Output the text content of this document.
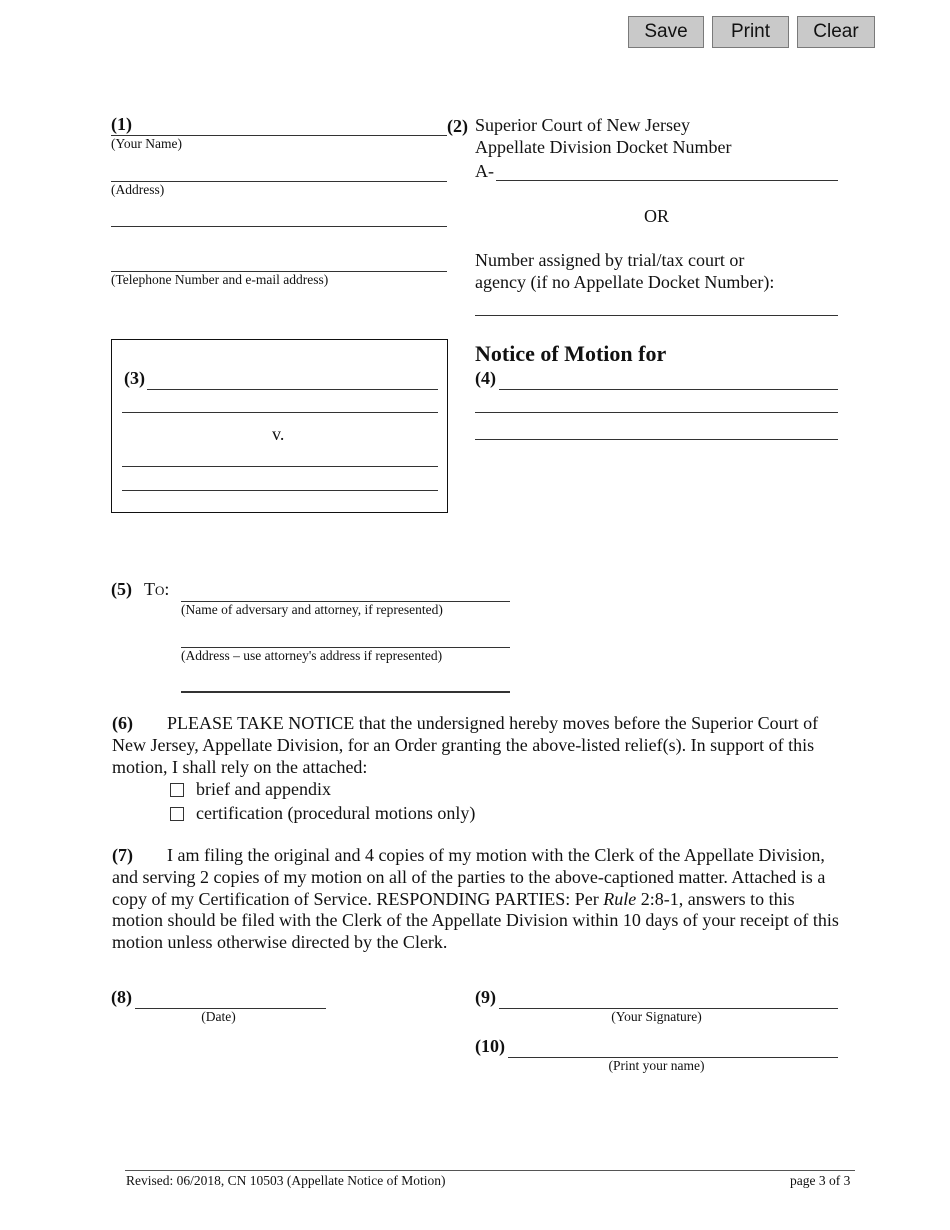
Save	Print	Clear
(1)
(Your Name)
(Address)
(Telephone Number and e-mail address)
(2) Superior Court of New Jersey
Appellate Division Docket Number
A-
OR
Number assigned by trial/tax court or
agency (if no Appellate Docket Number):
(3)
v.
Notice of Motion for
(4)
(5) To:
(Name of adversary and attorney, if represented)
(Address – use attorney's address if represented)
(6) PLEASE TAKE NOTICE that the undersigned hereby moves before the Superior Court of New Jersey, Appellate Division, for an Order granting the above-listed relief(s). In support of this motion, I shall rely on the attached:
brief and appendix
certification (procedural motions only)
(7) I am filing the original and 4 copies of my motion with the Clerk of the Appellate Division, and serving 2 copies of my motion on all of the parties to the above-captioned matter. Attached is a copy of my Certification of Service. RESPONDING PARTIES: Per Rule 2:8-1, answers to this motion should be filed with the Clerk of the Appellate Division within 10 days of your receipt of this motion unless otherwise directed by the Clerk.
(8)
(Date)
(9)
(Your Signature)
(10)
(Print your name)
Revised: 06/2018, CN 10503 (Appellate Notice of Motion)	page 3 of 3
